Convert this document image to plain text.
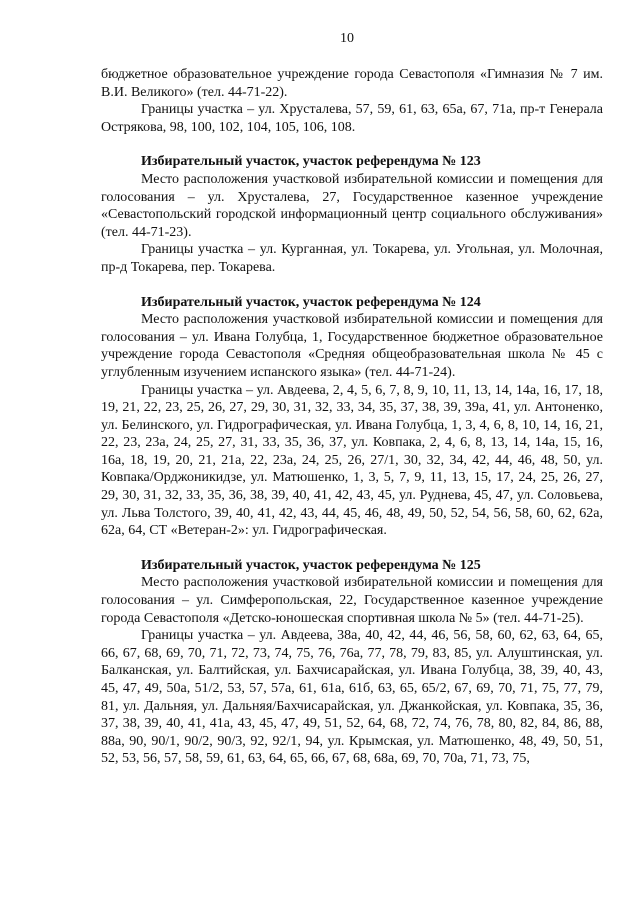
10

бюджетное образовательное учреждение города Севастополя «Гимназия № 7 им. В.И. Великого» (тел. 44-71-22).

Границы участка – ул. Хрусталева, 57, 59, 61, 63, 65а, 67, 71а, пр-т Генерала Острякова, 98, 100, 102, 104, 105, 106, 108.

Избирательный участок, участок референдума № 123

Место расположения участковой избирательной комиссии и помещения для голосования – ул. Хрусталева, 27, Государственное казенное учреждение «Севастопольский городской информационный центр социального обслуживания» (тел. 44-71-23).

Границы участка – ул. Курганная, ул. Токарева, ул. Угольная, ул. Молочная, пр-д Токарева, пер. Токарева.

Избирательный участок, участок референдума № 124

Место расположения участковой избирательной комиссии и помещения для голосования – ул. Ивана Голубца, 1, Государственное бюджетное образовательное учреждение города Севастополя «Средняя общеобразовательная школа № 45 с углубленным изучением испанского языка» (тел. 44-71-24).

Границы участка – ул. Авдеева, 2, 4, 5, 6, 7, 8, 9, 10, 11, 13, 14, 14а, 16, 17, 18, 19, 21, 22, 23, 25, 26, 27, 29, 30, 31, 32, 33, 34, 35, 37, 38, 39, 39а, 41, ул. Антоненко, ул. Белинского, ул. Гидрографическая, ул. Ивана Голубца, 1, 3, 4, 6, 8, 10, 14, 16, 21, 22, 23, 23а, 24, 25, 27, 31, 33, 35, 36, 37, ул. Ковпака, 2, 4, 6, 8, 13, 14, 14а, 15, 16, 16а, 18, 19, 20, 21, 21а, 22, 23а, 24, 25, 26, 27/1, 30, 32, 34, 42, 44, 46, 48, 50, ул. Ковпака/Орджоникидзе, ул. Матюшенко, 1, 3, 5, 7, 9, 11, 13, 15, 17, 24, 25, 26, 27, 29, 30, 31, 32, 33, 35, 36, 38, 39, 40, 41, 42, 43, 45, ул. Руднева, 45, 47, ул. Соловьева, ул. Льва Толстого, 39, 40, 41, 42, 43, 44, 45, 46, 48, 49, 50, 52, 54, 56, 58, 60, 62, 62а, 62а, 64, СТ «Ветеран-2»: ул. Гидрографическая.

Избирательный участок, участок референдума № 125

Место расположения участковой избирательной комиссии и помещения для голосования – ул. Симферопольская, 22, Государственное казенное учреждение города Севастополя «Детско-юношеская спортивная школа № 5» (тел. 44-71-25).

Границы участка – ул. Авдеева, 38а, 40, 42, 44, 46, 56, 58, 60, 62, 63, 64, 65, 66, 67, 68, 69, 70, 71, 72, 73, 74, 75, 76, 76а, 77, 78, 79, 83, 85, ул. Алуштинская, ул. Балканская, ул. Балтийская, ул. Бахчисарайская, ул. Ивана Голубца, 38, 39, 40, 43, 45, 47, 49, 50а, 51/2, 53, 57, 57а, 61, 61а, 61б, 63, 65, 65/2, 67, 69, 70, 71, 75, 77, 79, 81, ул. Дальняя, ул. Дальняя/Бахчисарайская, ул. Джанкойская, ул. Ковпака, 35, 36, 37, 38, 39, 40, 41, 41а, 43, 45, 47, 49, 51, 52, 64, 68, 72, 74, 76, 78, 80, 82, 84, 86, 88, 88а, 90, 90/1, 90/2, 90/3, 92, 92/1, 94, ул. Крымская, ул. Матюшенко, 48, 49, 50, 51, 52, 53, 56, 57, 58, 59, 61, 63, 64, 65, 66, 67, 68, 68а, 69, 70, 70а, 71, 73, 75,
